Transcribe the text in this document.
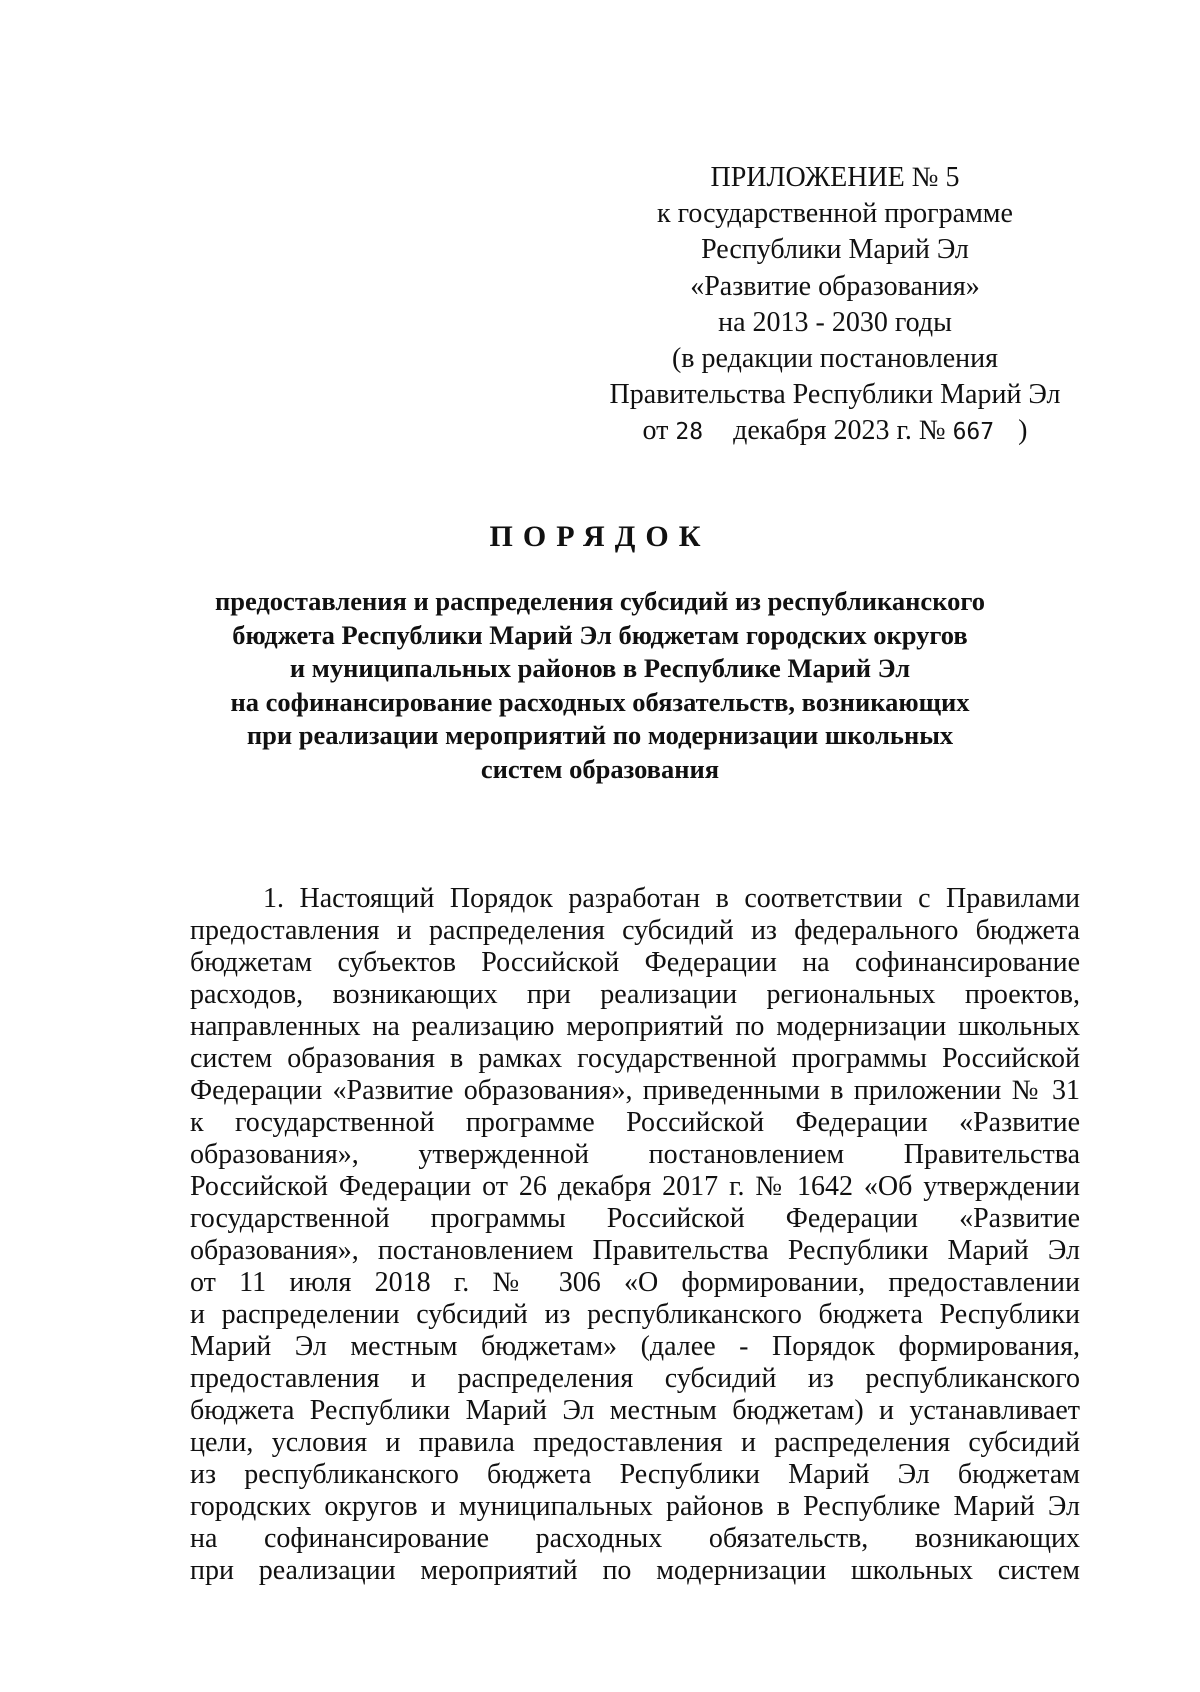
ПРИЛОЖЕНИЕ № 5
к государственной программе
Республики Марий Эл
«Развитие образования»
на 2013 - 2030 годы
(в редакции постановления
Правительства Республики Марий Эл
от 28 декабря 2023 г. № 667 )
ПОРЯДОК
предоставления и распределения субсидий из республиканского
бюджета Республики Марий Эл бюджетам городских округов
и муниципальных районов в Республике Марий Эл
на софинансирование расходных обязательств, возникающих
при реализации мероприятий по модернизации школьных
систем образования
1. Настоящий Порядок разработан в соответствии с Правилами
предоставления и распределения субсидий из федерального бюджета
бюджетам субъектов Российской Федерации на софинансирование
расходов, возникающих при реализации региональных проектов,
направленных на реализацию мероприятий по модернизации школьных
систем образования в рамках государственной программы Российской
Федерации «Развитие образования», приведенными в приложении № 31
к государственной программе Российской Федерации «Развитие
образования», утвержденной постановлением Правительства
Российской Федерации от 26 декабря 2017 г. № 1642 «Об утверждении
государственной программы Российской Федерации «Развитие
образования», постановлением Правительства Республики Марий Эл
от 11 июля 2018 г. № 306 «О формировании, предоставлении
и распределении субсидий из республиканского бюджета Республики
Марий Эл местным бюджетам» (далее - Порядок формирования,
предоставления и распределения субсидий из республиканского
бюджета Республики Марий Эл местным бюджетам) и устанавливает
цели, условия и правила предоставления и распределения субсидий
из республиканского бюджета Республики Марий Эл бюджетам
городских округов и муниципальных районов в Республике Марий Эл
на софинансирование расходных обязательств, возникающих
при реализации мероприятий по модернизации школьных систем
